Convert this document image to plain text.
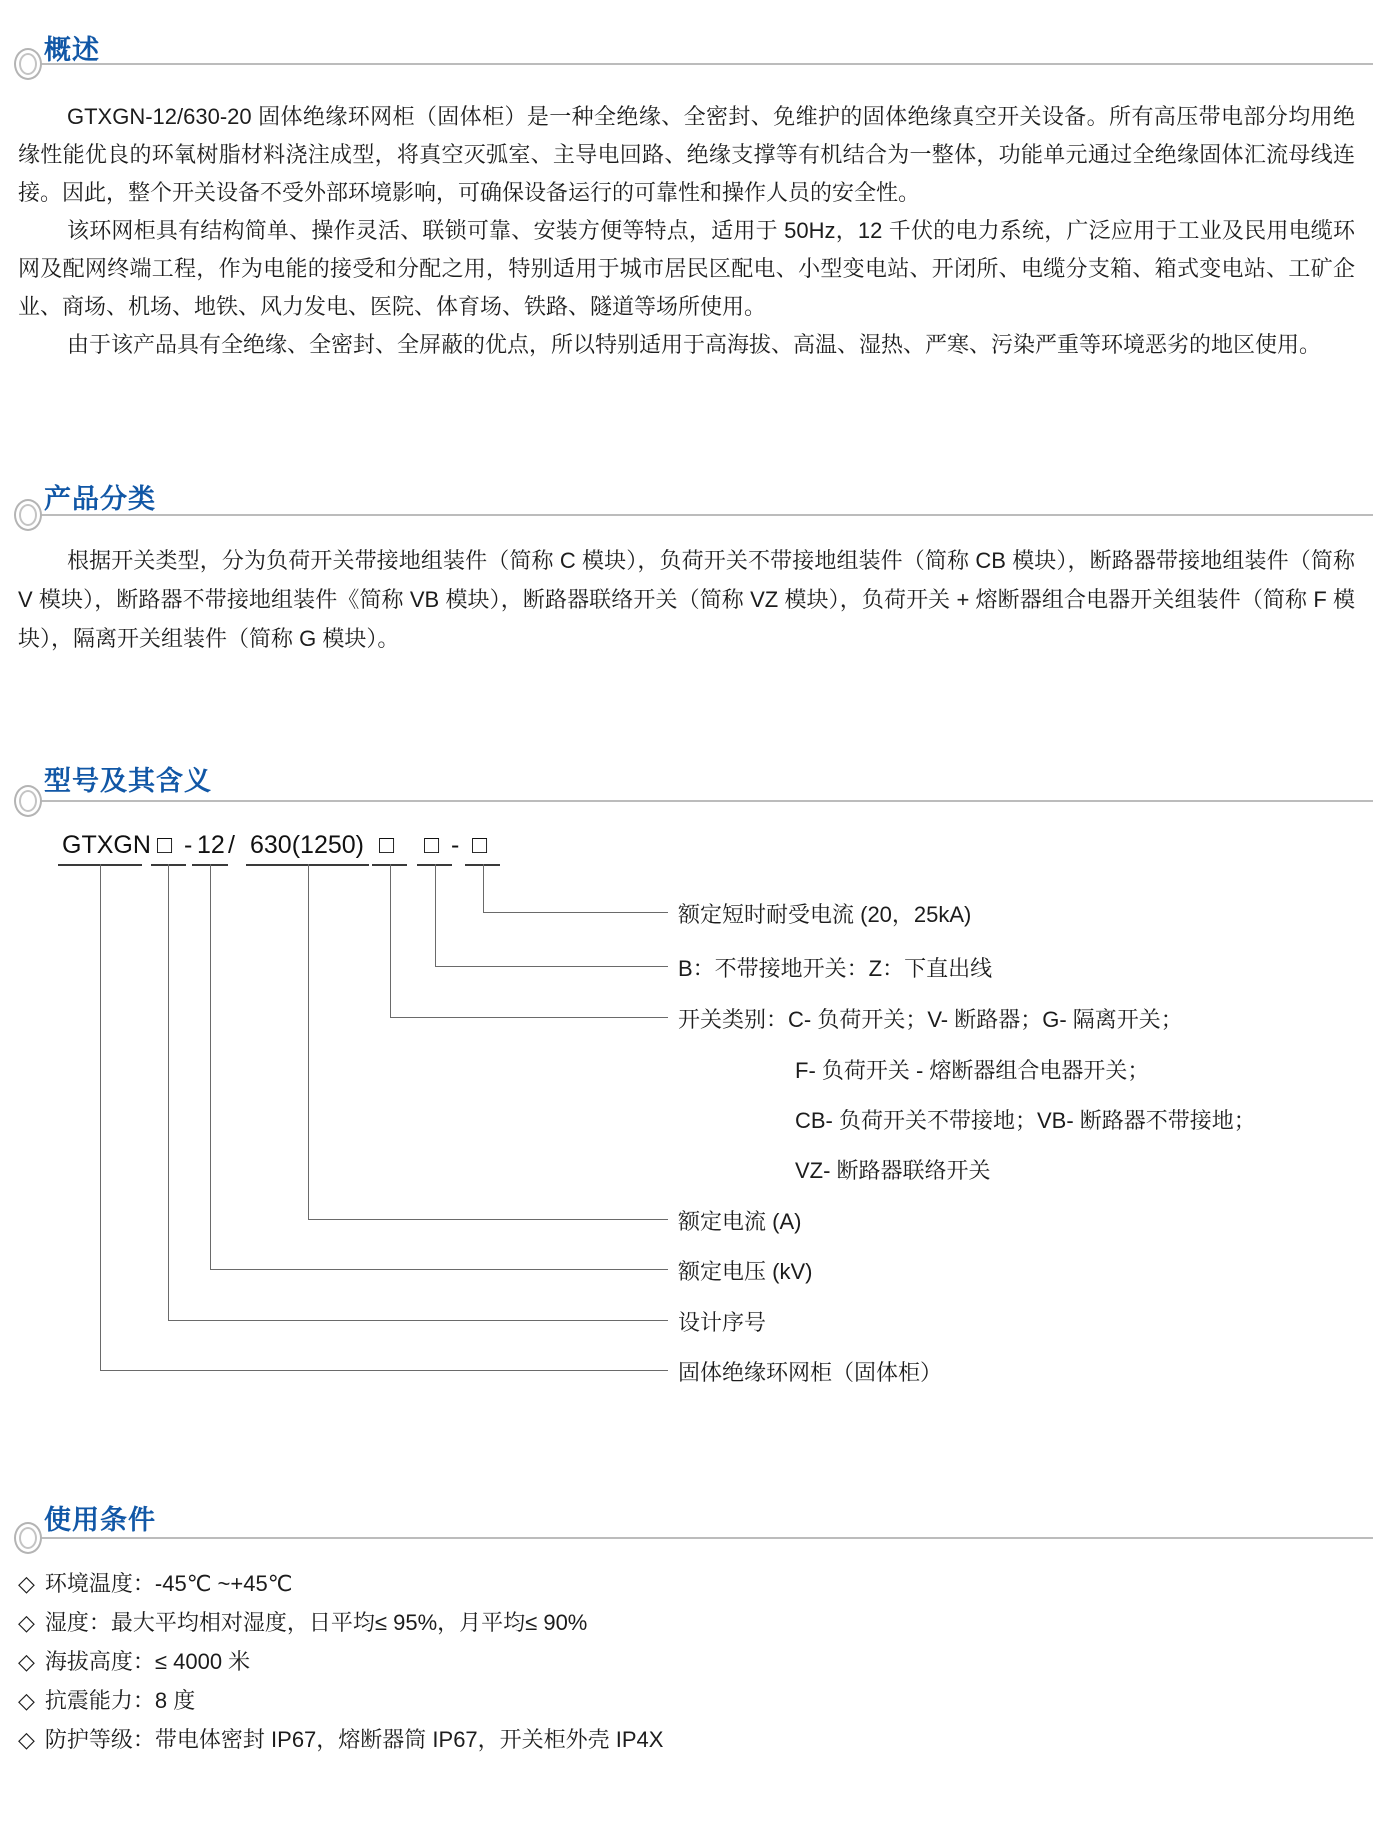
概述

GTXGN-12/630-20 固体绝缘环网柜（固体柜）是一种全绝缘、全密封、免维护的固体绝缘真空开关设备。所有高压带电部分均用绝缘性能优良的环氧树脂材料浇注成型，将真空灭弧室、主导电回路、绝缘支撑等有机结合为一整体，功能单元通过全绝缘固体汇流母线连接。因此，整个开关设备不受外部环境影响，可确保设备运行的可靠性和操作人员的安全性。

该环网柜具有结构简单、操作灵活、联锁可靠、安装方便等特点，适用于 50Hz，12 千伏的电力系统，广泛应用于工业及民用电缆环网及配网终端工程，作为电能的接受和分配之用，特别适用于城市居民区配电、小型变电站、开闭所、电缆分支箱、箱式变电站、工矿企业、商场、机场、地铁、风力发电、医院、体育场、铁路、隧道等场所使用。

由于该产品具有全绝缘、全密封、全屏蔽的优点，所以特别适用于高海拔、高温、湿热、严寒、污染严重等环境恶劣的地区使用。

产品分类

根据开关类型，分为负荷开关带接地组装件（简称 C 模块），负荷开关不带接地组装件（简称 CB 模块），断路器带接地组装件（简称 V 模块），断路器不带接地组装件《简称 VB 模块），断路器联络开关（简称 VZ 模块），负荷开关 + 熔断器组合电器开关组装件（简称 F 模块），隔离开关组装件（简称 G 模块）。

型号及其含义
GTXGN □ - 12 / 630(1250) □ □ - □
额定短时耐受电流 (20，25kA)
B：不带接地开关：Z：下直出线
开关类别：C- 负荷开关；V- 断路器；G- 隔离开关；
F- 负荷开关 - 熔断器组合电器开关；
CB- 负荷开关不带接地；VB- 断路器不带接地；
VZ- 断路器联络开关
额定电流 (A)
额定电压 (kV)
设计序号
固体绝缘环网柜（固体柜）
使用条件
◇ 环境温度：-45℃ ~+45℃
◇ 湿度：最大平均相对湿度，日平均≤ 95%，月平均≤ 90%
◇ 海拔高度：≤ 4000 米
◇ 抗震能力：8 度
◇ 防护等级：带电体密封 IP67，熔断器筒 IP67，开关柜外壳 IP4X
